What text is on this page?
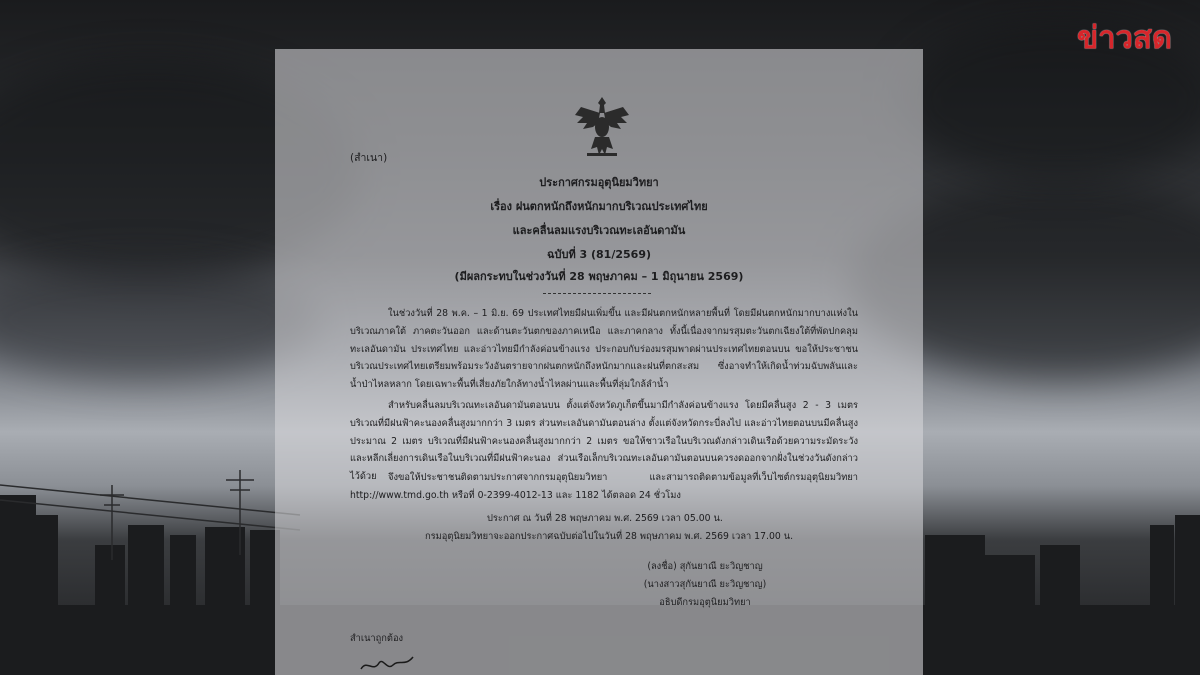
ข่าวสด
(สำเนา)
ประกาศกรมอุตุนิยมวิทยา
เรื่อง ฝนตกหนักถึงหนักมากบริเวณประเทศไทย
และคลื่นลมแรงบริเวณทะเลอันดามัน
ฉบับที่ 3 (81/2569)
(มีผลกระทบในช่วงวันที่ 28 พฤษภาคม – 1 มิถุนายน 2569)

ในช่วงวันที่ 28 พ.ค. – 1 มิ.ย. 69 ประเทศไทยมีฝนเพิ่มขึ้น และมีฝนตกหนักหลายพื้นที่ โดยมีฝนตกหนักมากบางแห่งในบริเวณภาคใต้ ภาคตะวันออก และด้านตะวันตกของภาคเหนือ และภาคกลาง ทั้งนี้เนื่องจากมรสุมตะวันตกเฉียงใต้ที่พัดปกคลุมทะเลอันดามัน ประเทศไทย และอ่าวไทยมีกำลังค่อนข้างแรง ประกอบกับร่องมรสุมพาดผ่านประเทศไทยตอนบน ขอให้ประชาชนบริเวณประเทศไทยเตรียมพร้อมระวังอันตรายจากฝนตกหนักถึงหนักมากและฝนที่ตกสะสม ซึ่งอาจทำให้เกิดน้ำท่วมฉับพลันและน้ำป่าไหลหลาก โดยเฉพาะพื้นที่เสี่ยงภัยใกล้ทางน้ำไหลผ่านและพื้นที่ลุ่มใกล้ลำน้ำ

สำหรับคลื่นลมบริเวณทะเลอันดามันตอนบน ตั้งแต่จังหวัดภูเก็ตขึ้นมามีกำลังค่อนข้างแรง โดยมีคลื่นสูง 2 - 3 เมตร บริเวณที่มีฝนฟ้าคะนองคลื่นสูงมากกว่า 3 เมตร ส่วนทะเลอันดามันตอนล่าง ตั้งแต่จังหวัดกระบี่ลงไป และอ่าวไทยตอนบนมีคลื่นสูงประมาณ 2 เมตร บริเวณที่มีฝนฟ้าคะนองคลื่นสูงมากกว่า 2 เมตร ขอให้ชาวเรือในบริเวณดังกล่าวเดินเรือด้วยความระมัดระวังและหลีกเลี่ยงการเดินเรือในบริเวณที่มีฝนฟ้าคะนอง ส่วนเรือเล็กบริเวณทะเลอันดามันตอนบนควรงดออกจากฝั่งในช่วงวันดังกล่าวไว้ด้วย	จึงขอให้ประชาชนติดตามประกาศจากกรมอุตุนิยมวิทยา และสามารถติดตามข้อมูลที่เว็บไซต์กรมอุตุนิยมวิทยา http://www.tmd.go.th หรือที่ 0-2399-4012-13 และ 1182 ได้ตลอด 24 ชั่วโมง

ประกาศ ณ วันที่ 28 พฤษภาคม พ.ศ. 2569 เวลา 05.00 น.
กรมอุตุนิยมวิทยาจะออกประกาศฉบับต่อไปในวันที่ 28 พฤษภาคม พ.ศ. 2569 เวลา 17.00 น.
(ลงชื่อ) สุกันยาณี ยะวิญชาญ
(นางสาวสุกันยาณี ยะวิญชาญ)
อธิบดีกรมอุตุนิยมวิทยา
สำเนาถูกต้อง
